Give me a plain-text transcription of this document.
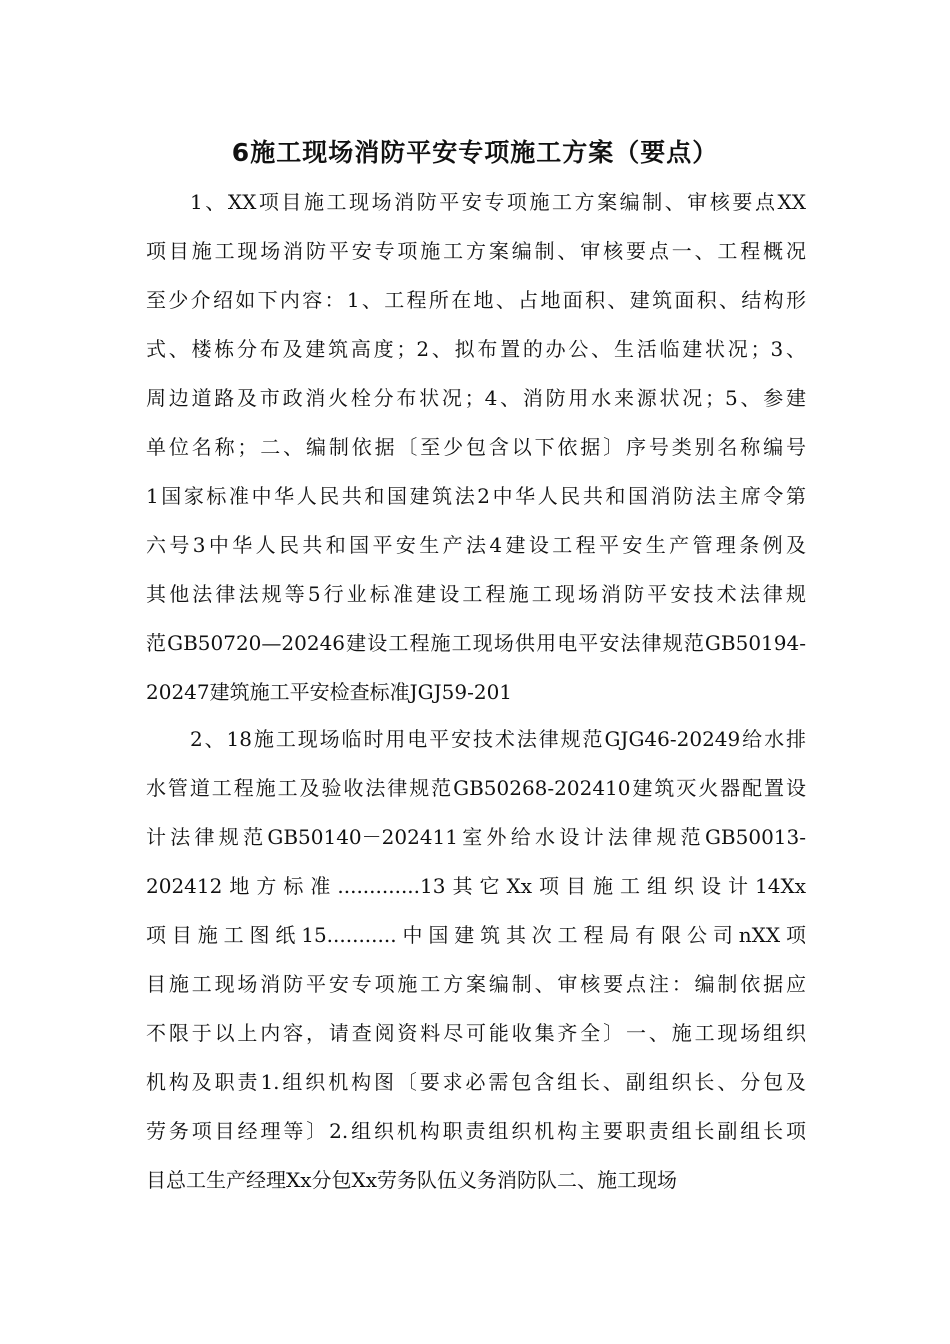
6施工现场消防平安专项施工方案（要点）
1、XX项目施工现场消防平安专项施工方案编制、审核要点XX
项目施工现场消防平安专项施工方案编制、审核要点一、工程概况
至少介绍如下内容：1、工程所在地、占地面积、建筑面积、结构形
式、楼栋分布及建筑高度；2、拟布置的办公、生活临建状况；3、
周边道路及市政消火栓分布状况；4、消防用水来源状况；5、参建
单位名称；二、编制依据〔至少包含以下依据〕序号类别名称编号
1国家标准中华人民共和国建筑法2中华人民共和国消防法主席令第
六号3中华人民共和国平安生产法4建设工程平安生产管理条例及
其他法律法规等5行业标准建设工程施工现场消防平安技术法律规
范GB50720—20246建设工程施工现场供用电平安法律规范GB50194-
20247建筑施工平安检查标准JGJ59-201
2、18施工现场临时用电平安技术法律规范GJG46-20249给水排
水管道工程施工及验收法律规范GB50268-202410建筑灭火器配置设
计法律规范GB50140－202411室外给水设计法律规范GB50013-
202412地方标准.............13其它Xx项目施工组织设计14Xx
项目施工图纸15...........中国建筑其次工程局有限公司nXX项
目施工现场消防平安专项施工方案编制、审核要点注：编制依据应
不限于以上内容，请查阅资料尽可能收集齐全〕一、施工现场组织
机构及职责1.组织机构图〔要求必需包含组长、副组织长、分包及
劳务项目经理等〕2.组织机构职责组织机构主要职责组长副组长项
目总工生产经理Xx分包Xx劳务队伍义务消防队二、施工现场
